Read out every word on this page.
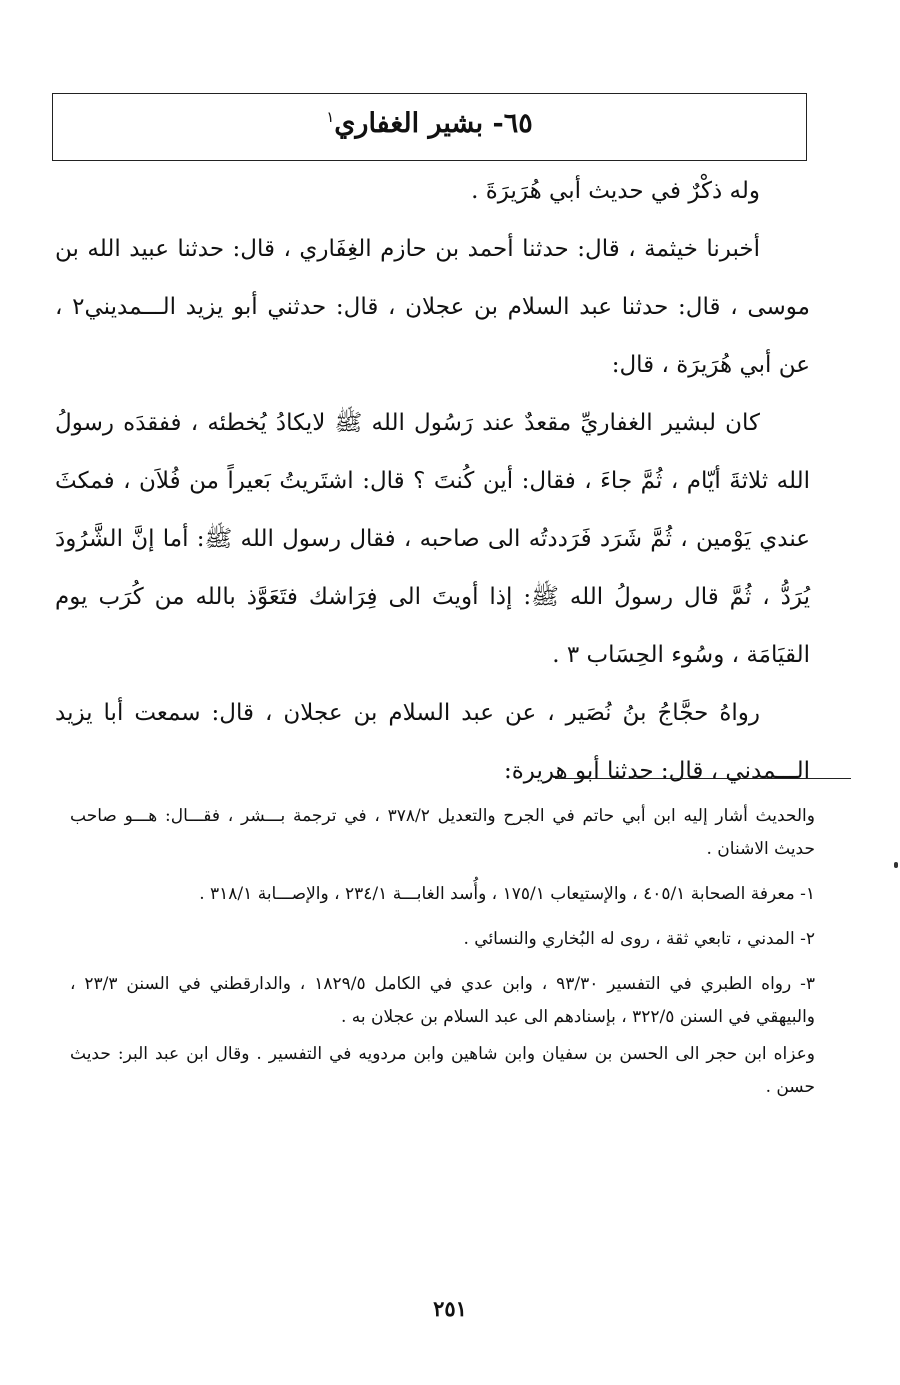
٦٥- بشير الغفاري$^١$

وله ذكْرٌ في حديث أبي هُرَيرَةَ .

أخبرنا خيثمة ، قال: حدثنا أحمد بن حازم الغِفَاري ، قال: حدثنا عبيد الله بن موسى ، قال: حدثنا عبد السلام بن عجلان ، قال: حدثني أبو يزيد الـــمديني٢ ، عن أبي هُرَيرَة ، قال:

كان لبشير الغفاريِّ مقعدٌ عند رَسُول الله ﷺ لايكادُ يُخطئه ، ففقدَه رسولُ الله ثلاثةَ أيّام ، ثُمَّ جاءَ ، فقال: أين كُنتَ ؟ قال: اشتَريتُ بَعيراً من فُلاَن ، فمكثَ عندي يَوْمين ، ثُمَّ شَرَد فَرَددتُه الى صاحبه ، فقال رسول الله ﷺ: أما إنَّ الشَّرُودَ يُرَدُّ ، ثُمَّ قال رسولُ الله ﷺ: إذا أويتَ الى فِرَاشك فتَعَوَّذ بالله من كُرَب يوم القيَامَة ، وسُوء الحِسَاب ٣ .

رواهُ حجَّاجُ بنُ نُصَير ، عن عبد السلام بن عجلان ، قال: سمعت أبا يزيد الـــمدني ، قال: حدثنا أبو هريرة:

والحديث أشار إليه ابن أبي حاتم في الجرح والتعديل ٣٧٨/٢ ، في ترجمة بـــشر ، فقـــال: هـــو صاحب حديث الاشنان .

١- معرفة الصحابة ٤٠٥/١ ، والإستيعاب ١٧٥/١ ، وأُسد الغابـــة ٢٣٤/١ ، والإصـــابة ٣١٨/١ .

٢- المدني ، تابعي ثقة ، روى له البُخاري والنسائي .

٣- رواه الطبري في التفسير ٩٣/٣٠ ، وابن عدي في الكامل ١٨٢٩/٥ ، والدارقطني في السنن ٢٣/٣ ، والبيهقي في السنن ٣٢٢/٥ ، بإسنادهم الى عبد السلام بن عجلان به .

وعزاه ابن حجر الى الحسن بن سفيان وابن شاهين وابن مردويه في التفسير . وقال ابن عبد البر: حديث حسن .

٢٥١
